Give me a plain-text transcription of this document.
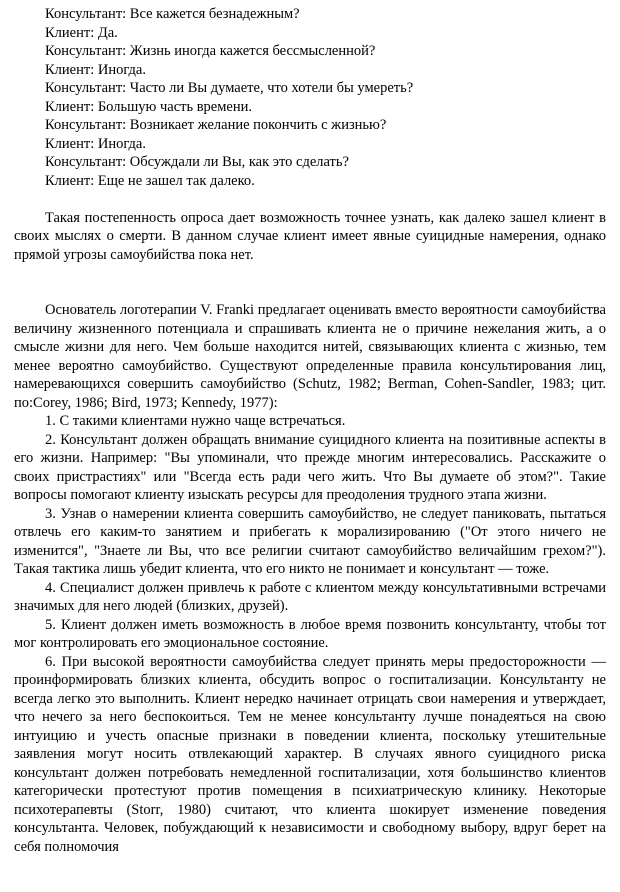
Консультант: Все кажется безнадежным?

Клиент: Да.

Консультант: Жизнь иногда кажется бессмысленной?

Клиент: Иногда.

Консультант: Часто ли Вы думаете, что хотели бы умереть?

Клиент: Большую часть времени.

Консультант: Возникает желание покончить с жизнью?

Клиент: Иногда.

Консультант: Обсуждали ли Вы, как это сделать?

Клиент: Еще не зашел так далеко.

Такая постепенность опроса дает возможность точнее узнать, как далеко зашел клиент в своих мыслях о смерти. В данном случае клиент имеет явные суицидные намерения, однако прямой угрозы самоубийства пока нет.

Основатель логотерапии V. Franki предлагает оценивать вместо вероятности самоубийства величину жизненного потенциала и спрашивать клиента не о причине нежелания жить, а о смысле жизни для него. Чем больше находится нитей, связывающих клиента с жизнью, тем менее вероятно самоубийство. Существуют определенные правила консультирования лиц, намеревающихся совершить самоубийство (Schutz, 1982; Berman, Cohen-Sandler, 1983; цит. по:Corey, 1986; Bird, 1973; Kennedy, 1977):

1. С такими клиентами нужно чаще встречаться.

2. Консультант должен обращать внимание суицидного клиента на позитивные аспекты в его жизни. Например: "Вы упоминали, что прежде многим интересовались. Расскажите о своих пристрастиях" или "Всегда есть ради чего жить. Что Вы думаете об этом?". Такие вопросы помогают клиенту изыскать ресурсы для преодоления трудного этапа жизни.

3. Узнав о намерении клиента совершить самоубийство, не следует паниковать, пытаться отвлечь его каким-то занятием и прибегать к морализированию ("От этого ничего не изменится", "Знаете ли Вы, что все религии считают самоубийство величайшим грехом?"). Такая тактика лишь убедит клиента, что его никто не понимает и консультант — тоже.

4. Специалист должен привлечь к работе с клиентом между консультативными встречами значимых для него людей (близких, друзей).

5. Клиент должен иметь возможность в любое время позвонить консультанту, чтобы тот мог контролировать его эмоциональное состояние.

6. При высокой вероятности самоубийства следует принять меры предосторожности — проинформировать близких клиента, обсудить вопрос о госпитализации. Консультанту не всегда легко это выполнить. Клиент нередко начинает отрицать свои намерения и утверждает, что нечего за него беспокоиться. Тем не менее консультанту лучше понадеяться на свою интуицию и учесть опасные признаки в поведении клиента, поскольку утешительные заявления могут носить отвлекающий характер. В случаях явного суицидного риска консультант должен потребовать немедленной госпитализации, хотя большинство клиентов категорически протестуют против помещения в психиатрическую клинику. Некоторые психотерапевты (Storr, 1980) считают, что клиента шокирует изменение поведения консультанта. Человек, побуждающий к независимости и свободному выбору, вдруг берет на себя полномочия
